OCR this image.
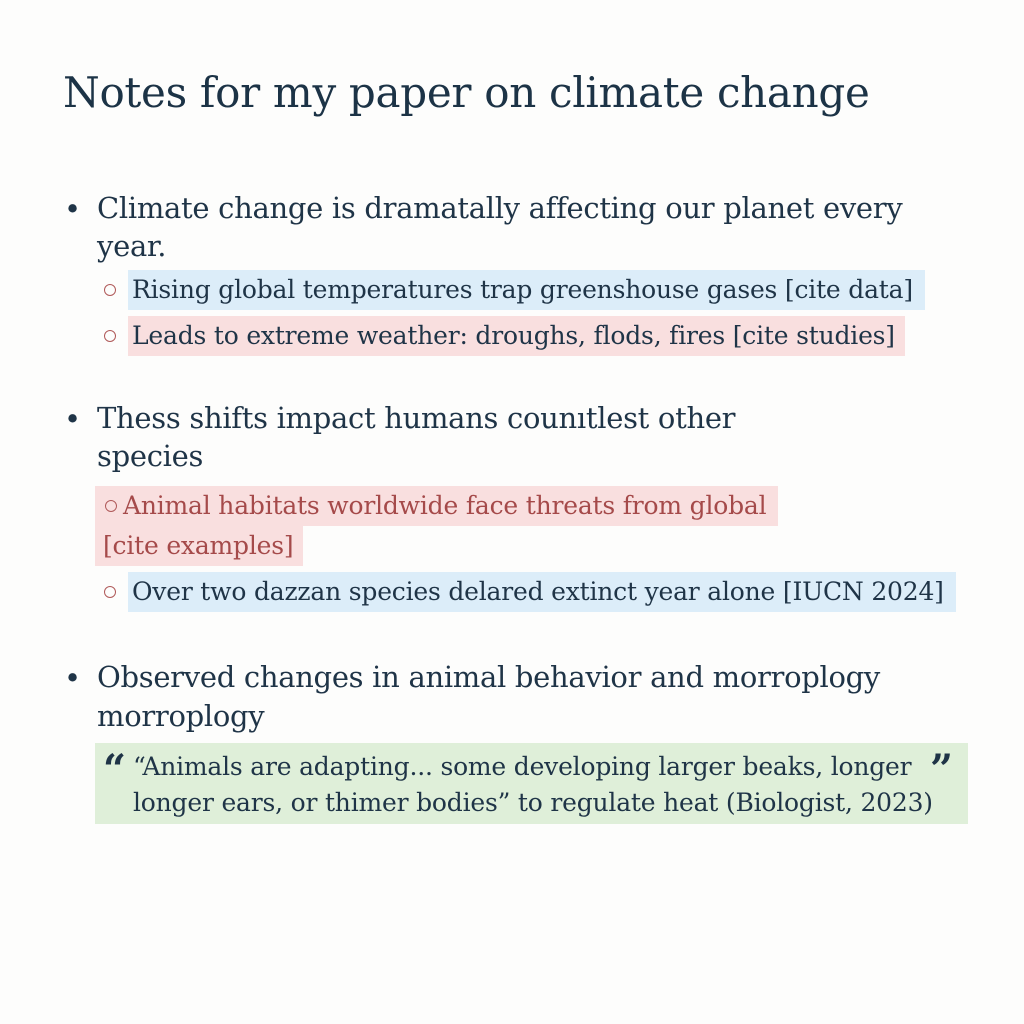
Notes for my paper on climate change
• Climate change is dramatally affecting our planet every
year.
Rising global temperatures trap greenshouse gases [cite data]
Leads to extreme weather: droughs, flods, fires [cite studies]
• Thess shifts impact humans counıtlest other
species
Animal habitats worldwide face threats from global
[cite examples]
Over two dazzan species delared extinct year alone [IUCN 2024]
• Observed changes in animal behavior and morroplogy
morroplogy
“	”
“Animals are adapting... some developing larger beaks, longer
longer ears, or thimer bodies” to regulate heat (Biologist, 2023)
